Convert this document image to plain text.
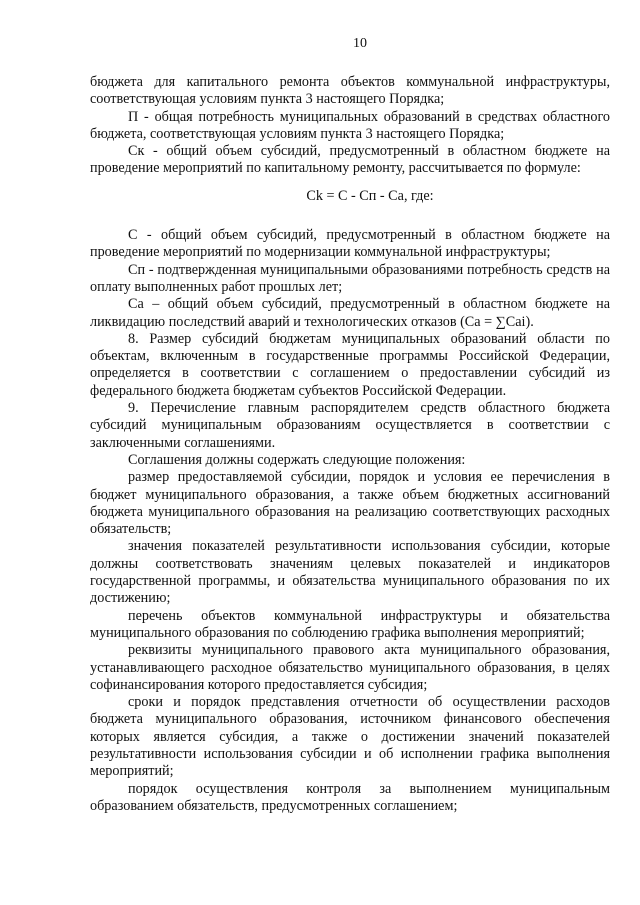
10

бюджета для капитального ремонта объектов коммунальной инфраструктуры, соответствующая условиям пункта 3 настоящего Порядка;

П - общая потребность муниципальных образований в средствах областного бюджета, соответствующая условиям пункта 3 настоящего Порядка;

Ск - общий объем субсидий, предусмотренный в областном бюджете на проведение мероприятий по капитальному ремонту, рассчитывается по формуле:

Ck = С - Сп - Са, где:

С - общий объем субсидий, предусмотренный в областном бюджете на проведение мероприятий по модернизации коммунальной инфраструктуры;

Сп - подтвержденная муниципальными образованиями потребность средств на оплату выполненных работ прошлых лет;

Са – общий объем субсидий, предусмотренный в областном бюджете на ликвидацию последствий аварий и технологических отказов (Са = ∑Саi).

8. Размер субсидий бюджетам муниципальных образований области по объектам, включенным в государственные программы Российской Федерации, определяется в соответствии с соглашением о предоставлении субсидий из федерального бюджета бюджетам субъектов Российской Федерации.

9. Перечисление главным распорядителем средств областного бюджета субсидий муниципальным образованиям осуществляется в соответствии с заключенными соглашениями.

Соглашения должны содержать следующие положения:

размер предоставляемой субсидии, порядок и условия ее перечисления в бюджет муниципального образования, а также объем бюджетных ассигнований бюджета муниципального образования на реализацию соответствующих расходных обязательств;

значения показателей результативности использования субсидии, которые должны соответствовать значениям целевых показателей и индикаторов государственной программы, и обязательства муниципального образования по их достижению;

перечень объектов коммунальной инфраструктуры и обязательства муниципального образования по соблюдению графика выполнения мероприятий;

реквизиты муниципального правового акта муниципального образования, устанавливающего расходное обязательство муниципального образования, в целях софинансирования которого предоставляется субсидия;

сроки и порядок представления отчетности об осуществлении расходов бюджета муниципального образования, источником финансового обеспечения которых является субсидия, а также о достижении значений показателей результативности использования субсидии и об исполнении графика выполнения мероприятий;

порядок осуществления контроля за выполнением муниципальным образованием обязательств, предусмотренных соглашением;
